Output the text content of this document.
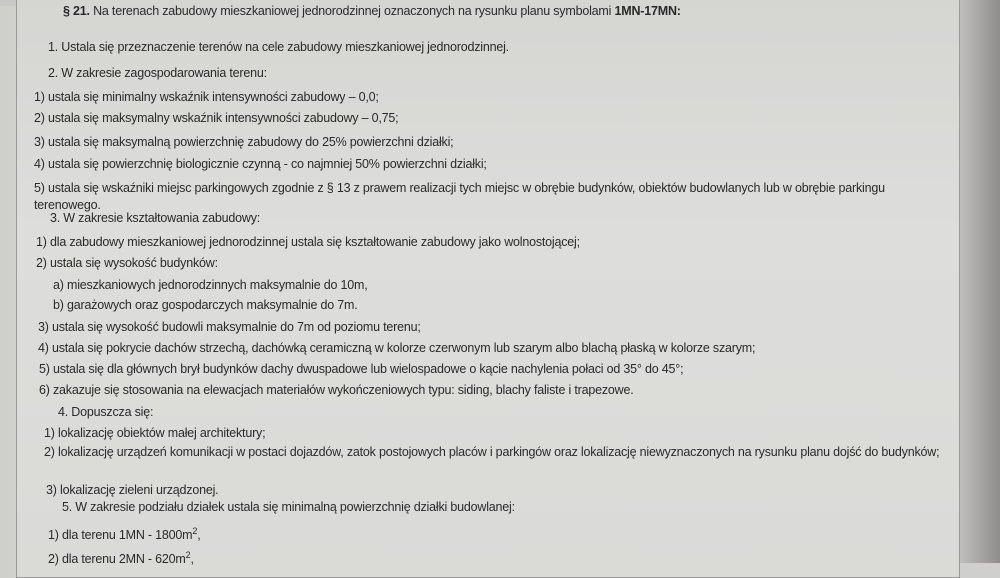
§ 21. Na terenach zabudowy mieszkaniowej jednorodzinnej oznaczonych na rysunku planu symbolami 1MN-17MN:
1. Ustala się przeznaczenie terenów na cele zabudowy mieszkaniowej jednorodzinnej.
2. W zakresie zagospodarowania terenu:
1) ustala się minimalny wskaźnik intensywności zabudowy – 0,0;
2) ustala się maksymalny wskaźnik intensywności zabudowy – 0,75;
3) ustala się maksymalną powierzchnię zabudowy do 25% powierzchni działki;
4) ustala się powierzchnię biologicznie czynną - co najmniej 50% powierzchni działki;
5) ustala się wskaźniki miejsc parkingowych zgodnie z § 13 z prawem realizacji tych miejsc w obrębie budynków, obiektów budowlanych lub w obrębie parkingu terenowego.
3. W zakresie kształtowania zabudowy:
1) dla zabudowy mieszkaniowej jednorodzinnej ustala się kształtowanie zabudowy jako wolnostojącej;
2) ustala się wysokość budynków:
a) mieszkaniowych jednorodzinnych maksymalnie do 10m,
b) garażowych oraz gospodarczych maksymalnie do 7m.
3) ustala się wysokość budowli maksymalnie do 7m od poziomu terenu;
4) ustala się pokrycie dachów strzechą, dachówką ceramiczną w kolorze czerwonym lub szarym albo blachą płaską w kolorze szarym;
5) ustala się dla głównych brył budynków dachy dwuspadowe lub wielospadowe o kącie nachylenia połaci od 35° do 45°;
6) zakazuje się stosowania na elewacjach materiałów wykończeniowych typu: siding, blachy faliste i trapezowe.
4. Dopuszcza się:
1) lokalizację obiektów małej architektury;
2) lokalizację urządzeń komunikacji w postaci dojazdów, zatok postojowych placów i parkingów oraz lokalizację niewyznaczonych na rysunku planu dojść do budynków;
3) lokalizację zieleni urządzonej.
5. W zakresie podziału działek ustala się minimalną powierzchnię działki budowlanej:
1) dla terenu $1MN - 1800m^2$,
2) dla terenu $2MN - 620m^2$,
